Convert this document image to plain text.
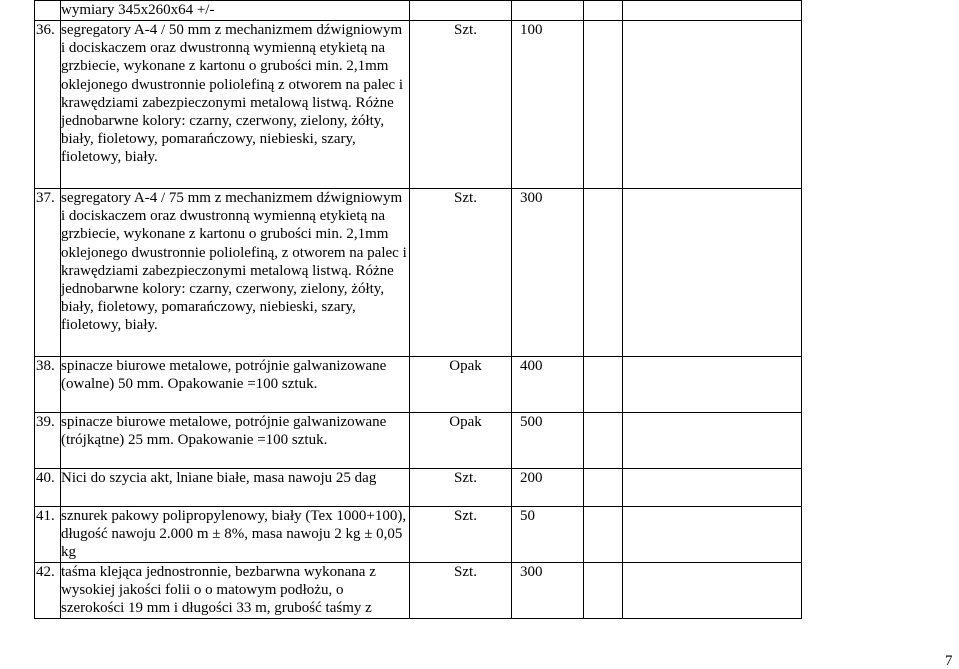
	wymiary 345x260x64 +/-				

36.	segregatory A-4 / 50 mm z mechanizmem dźwigniowym i dociskaczem oraz dwustronną wymienną etykietą na grzbiecie, wykonane z kartonu o grubości min. 2,1mm oklejonego dwustronnie poliolefiną z otworem na palec i krawędziami zabezpieczonymi metalową listwą. Różne jednobarwne kolory: czarny, czerwony, zielony, żółty, biały, fioletowy, pomarańczowy, niebieski, szary, fioletowy, biały.	Szt.	100		

37.	segregatory A-4 / 75 mm z mechanizmem dźwigniowym i dociskaczem oraz dwustronną wymienną etykietą na grzbiecie, wykonane z kartonu o grubości min. 2,1mm oklejonego dwustronnie poliolefiną, z otworem na palec i krawędziami zabezpieczonymi metalową listwą. Różne jednobarwne kolory: czarny, czerwony, zielony, żółty, biały, fioletowy, pomarańczowy, niebieski, szary, fioletowy, biały.	Szt.	300		

38.	spinacze biurowe metalowe, potrójnie galwanizowane (owalne) 50 mm. Opakowanie =100 sztuk.	Opak	400		

39.	spinacze biurowe metalowe, potrójnie galwanizowane (trójkątne) 25 mm. Opakowanie =100 sztuk.	Opak	500		

40.	Nici do szycia akt, lniane białe, masa nawoju 25 dag	Szt.	200		

41.	sznurek pakowy polipropylenowy, biały (Tex 1000+100), długość nawoju 2.000 m ± 8%, masa nawoju 2 kg ± 0,05 kg	Szt.	50		

42.	taśma klejąca jednostronnie, bezbarwna wykonana z wysokiej jakości folii o o matowym podłożu, o szerokości 19 mm i długości 33 m, grubość taśmy z	Szt.	300		

7
